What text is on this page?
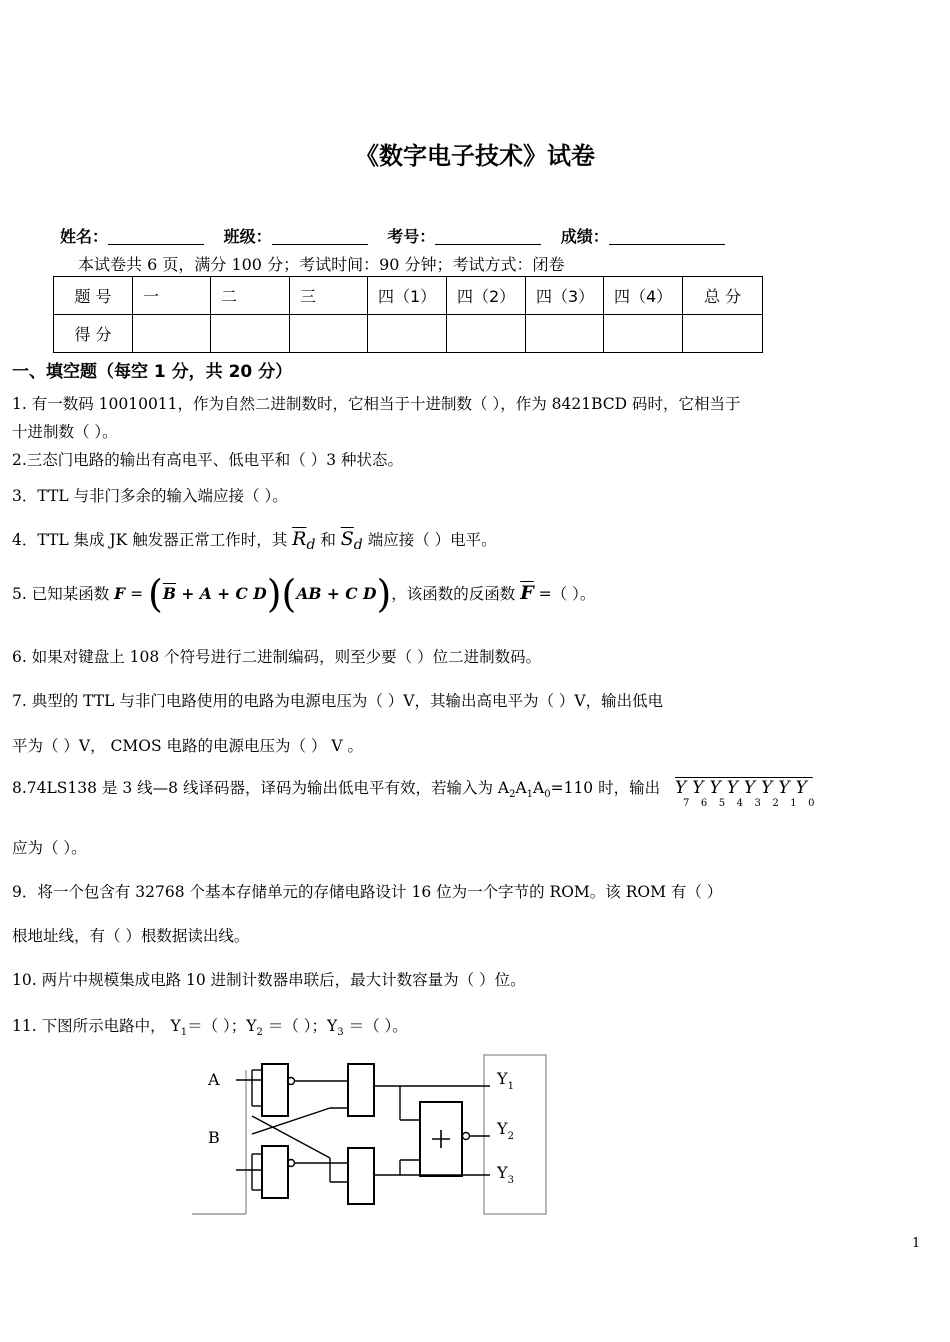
《数字电子技术》试卷
姓名：	班级：	考号：	成绩：
本试卷共 6 页，满分 100 分；考试时间：90 分钟；考试方式：闭卷
题 号	一	二	三	四（1）	四（2）	四（3）	四（4）	总 分
得 分								
一、填空题（每空 1 分，共 20 分）
1. 有一数码 10010011，作为自然二进制数时，它相当于十进制数（ ），作为 8421BCD 码时，它相当于
十进制数（ ）。
2.三态门电路的输出有高电平、低电平和（ ）3 种状态。
3．TTL 与非门多余的输入端应接（ ）。
4．TTL 集成 JK 触发器正常工作时，其 $\overline{R}_d$ 和 $\overline{S}_d$ 端应接（ ）电平。
5. 已知某函数 $F = (\overline{B} + A + C$ D)(AB + C D)，该函数的反函数 $\overline{F}$ =（ ）。
6. 如果对键盘上 108 个符号进行二进制编码，则至少要（ ）位二进制数码。
7. 典型的 TTL 与非门电路使用的电路为电源电压为（ ）V，其输出高电平为（ ）V，输出低电
平为（ ）V， CMOS 电路的电源电压为（ ） V 。
8.74LS138 是 3 线—8 线译码器，译码为输出低电平有效，若输入为 $A_2A_1A_0=110$ 时，输出 YYYYYYYY
76543210
应为（ ）。
9．将一个包含有 32768 个基本存储单元的存储电路设计 16 位为一个字节的 ROM。该 ROM 有（ ）
根地址线，有（ ）根数据读出线。
10. 两片中规模集成电路 10 进制计数器串联后，最大计数容量为（ ）位。
11. 下图所示电路中， $Y_1=$（ ）；$Y_2$ ＝（ ）；$Y_3$ ＝（ ）。
A
B
$Y_1$
$Y_2$
$Y_3$
1
